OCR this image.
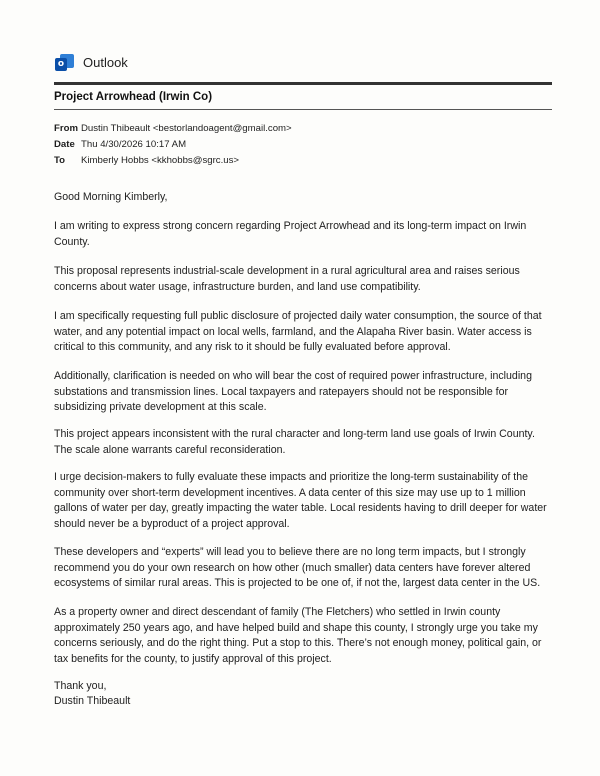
o Outlook
Project Arrowhead (Irwin Co)
From Dustin Thibeault <bestorlandoagent@gmail.com>
Date Thu 4/30/2026 10:17 AM
To	Kimberly Hobbs <kkhobbs@sgrc.us>

Good Morning Kimberly,

I am writing to express strong concern regarding Project Arrowhead and its long-term impact on Irwin County.

This proposal represents industrial-scale development in a rural agricultural area and raises serious concerns about water usage, infrastructure burden, and land use compatibility.

I am specifically requesting full public disclosure of projected daily water consumption, the source of that water, and any potential impact on local wells, farmland, and the Alapaha River basin. Water access is critical to this community, and any risk to it should be fully evaluated before approval.

Additionally, clarification is needed on who will bear the cost of required power infrastructure, including substations and transmission lines. Local taxpayers and ratepayers should not be responsible for subsidizing private development at this scale.

This project appears inconsistent with the rural character and long-term land use goals of Irwin County. The scale alone warrants careful reconsideration.

I urge decision-makers to fully evaluate these impacts and prioritize the long-term sustainability of the community over short-term development incentives. A data center of this size may use up to 1 million gallons of water per day, greatly impacting the water table. Local residents having to drill deeper for water should never be a byproduct of a project approval.

These developers and “experts” will lead you to believe there are no long term impacts, but I strongly recommend you do your own research on how other (much smaller) data centers have forever altered ecosystems of similar rural areas. This is projected to be one of, if not the, largest data center in the US.

As a property owner and direct descendant of family (The Fletchers) who settled in Irwin county approximately 250 years ago, and have helped build and shape this county, I strongly urge you take my concerns seriously, and do the right thing. Put a stop to this. There’s not enough money, political gain, or tax benefits for the county, to justify approval of this project.

Thank you,

Dustin Thibeault
